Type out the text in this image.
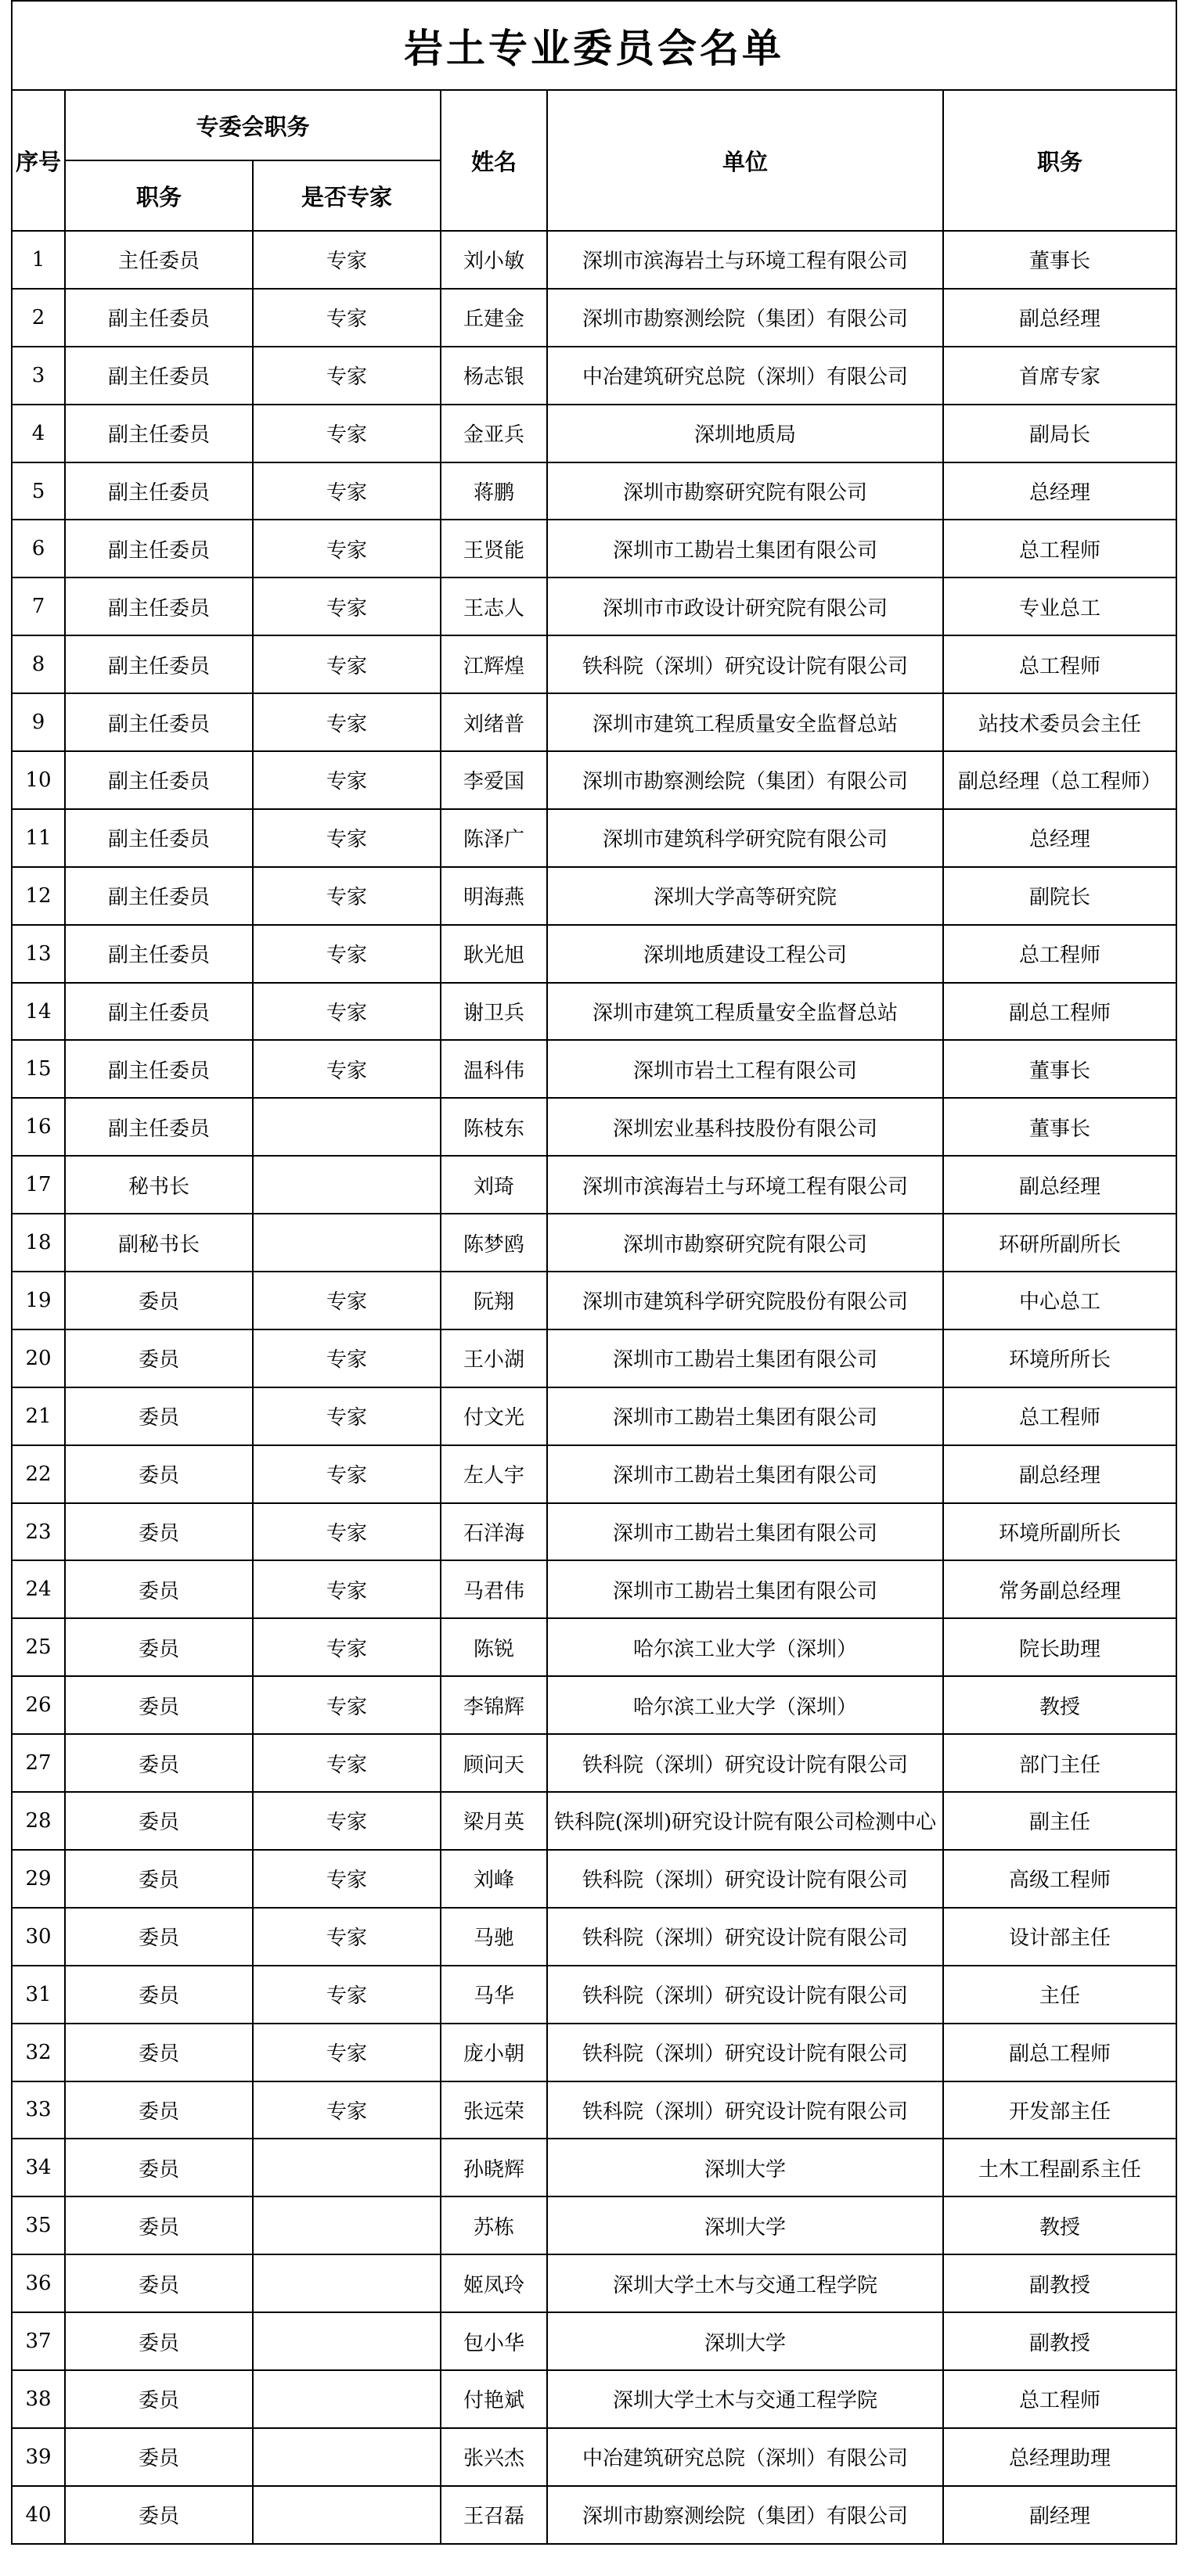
岩土专业委员会名单					
序号	专委会职务		姓名	单位	职务
	职务	是否专家			
1	主任委员	专家	刘小敏	深圳市滨海岩土与环境工程有限公司	董事长
2	副主任委员	专家	丘建金	深圳市勘察测绘院（集团）有限公司	副总经理
3	副主任委员	专家	杨志银	中冶建筑研究总院（深圳）有限公司	首席专家
4	副主任委员	专家	金亚兵	深圳地质局	副局长
5	副主任委员	专家	蒋鹏	深圳市勘察研究院有限公司	总经理
6	副主任委员	专家	王贤能	深圳市工勘岩土集团有限公司	总工程师
7	副主任委员	专家	王志人	深圳市市政设计研究院有限公司	专业总工
8	副主任委员	专家	江辉煌	铁科院（深圳）研究设计院有限公司	总工程师
9	副主任委员	专家	刘绪普	深圳市建筑工程质量安全监督总站	站技术委员会主任
10	副主任委员	专家	李爱国	深圳市勘察测绘院（集团）有限公司	副总经理（总工程师）
11	副主任委员	专家	陈泽广	深圳市建筑科学研究院有限公司	总经理
12	副主任委员	专家	明海燕	深圳大学高等研究院	副院长
13	副主任委员	专家	耿光旭	深圳地质建设工程公司	总工程师
14	副主任委员	专家	谢卫兵	深圳市建筑工程质量安全监督总站	副总工程师
15	副主任委员	专家	温科伟	深圳市岩土工程有限公司	董事长
16	副主任委员		陈枝东	深圳宏业基科技股份有限公司	董事长
17	秘书长		刘琦	深圳市滨海岩土与环境工程有限公司	副总经理
18	副秘书长		陈梦鸥	深圳市勘察研究院有限公司	环研所副所长
19	委员	专家	阮翔	深圳市建筑科学研究院股份有限公司	中心总工
20	委员	专家	王小湖	深圳市工勘岩土集团有限公司	环境所所长
21	委员	专家	付文光	深圳市工勘岩土集团有限公司	总工程师
22	委员	专家	左人宇	深圳市工勘岩土集团有限公司	副总经理
23	委员	专家	石洋海	深圳市工勘岩土集团有限公司	环境所副所长
24	委员	专家	马君伟	深圳市工勘岩土集团有限公司	常务副总经理
25	委员	专家	陈锐	哈尔滨工业大学（深圳）	院长助理
26	委员	专家	李锦辉	哈尔滨工业大学（深圳）	教授
27	委员	专家	顾问天	铁科院（深圳）研究设计院有限公司	部门主任
28	委员	专家	梁月英	铁科院(深圳)研究设计院有限公司检测中心	副主任
29	委员	专家	刘峰	铁科院（深圳）研究设计院有限公司	高级工程师
30	委员	专家	马驰	铁科院（深圳）研究设计院有限公司	设计部主任
31	委员	专家	马华	铁科院（深圳）研究设计院有限公司	主任
32	委员	专家	庞小朝	铁科院（深圳）研究设计院有限公司	副总工程师
33	委员	专家	张远荣	铁科院（深圳）研究设计院有限公司	开发部主任
34	委员		孙晓辉	深圳大学	土木工程副系主任
35	委员		苏栋	深圳大学	教授
36	委员		姬凤玲	深圳大学土木与交通工程学院	副教授
37	委员		包小华	深圳大学	副教授
38	委员		付艳斌	深圳大学土木与交通工程学院	总工程师
39	委员		张兴杰	中冶建筑研究总院（深圳）有限公司	总经理助理
40	委员		王召磊	深圳市勘察测绘院（集团）有限公司	副经理
